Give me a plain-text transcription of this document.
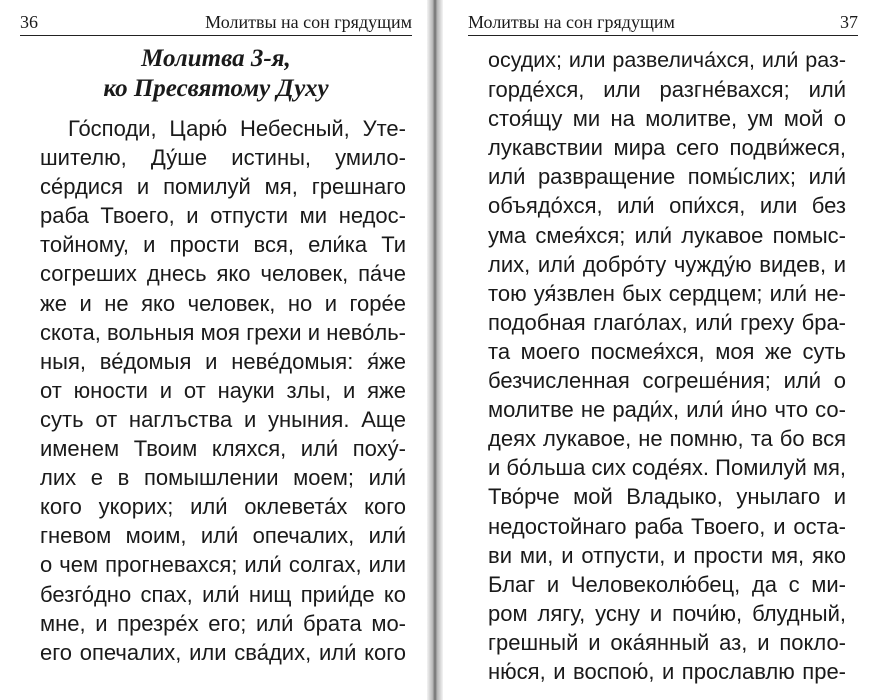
36	Молитвы на сон грядущим
Молитва 3-я,
ко Пресвятому Духу
Го́споди, Царю́ Небесный, Уте-
шителю, Ду́ше истины, умило-
се́рдися и помилуй мя, грешнаго
раба Твоего, и отпусти ми недос-
тойному, и прости вся, ели́ка Ти
согреших днесь яко человек, па́че
же и не яко человек, но и горе́е
скота, вольныя моя грехи и нево́ль-
ныя, ве́домыя и неве́домыя: я́же
от юности и от науки злы, и яже
суть от наглъства и уныния. Аще
именем Твоим кляхся, или́ поху́-
лих е в помышлении моем; или́
кого укорих; или́ оклевета́х кого
гневом моим, или́ опечалих, или́
о чем прогневахся; или́ солгах, или
безго́дно спах, или́ нищ прии́де ко
мне, и презре́х его; или́ брата мо-
его опечалих, или сва́дих, или́ кого
Молитвы на сон грядущим	37
осудих; или развелича́хся, или́ раз-
горде́хся, или разгне́вахся; или́
стоя́щу ми на молитве, ум мой о
лукавствии мира сего подви́жеся,
или́ развращение помы́слих; или́
объядо́хся, или́ опи́хся, или без
ума смея́хся; или́ лукавое помыс-
лих, или́ добро́ту чужду́ю видев, и
тою уя́звлен бых сердцем; или́ не-
подобная глаго́лах, или́ греху бра-
та моего посмея́хся, моя же суть
безчисленная согреше́ния; или́ о
молитве не ради́х, или́ и́но что со-
деях лукавое, не помню, та бо вся
и бо́льша сих соде́ях. Помилуй мя,
Тво́рче мой Владыко, унылаго и
недостойнаго раба Твоего, и оста-
ви ми, и отпусти, и прости мя, яко
Благ и Человеколю́бец, да с ми-
ром лягу, усну и почи́ю, блудный,
грешный и ока́янный аз, и покло-
ню́ся, и воспою́, и прославлю пре-
